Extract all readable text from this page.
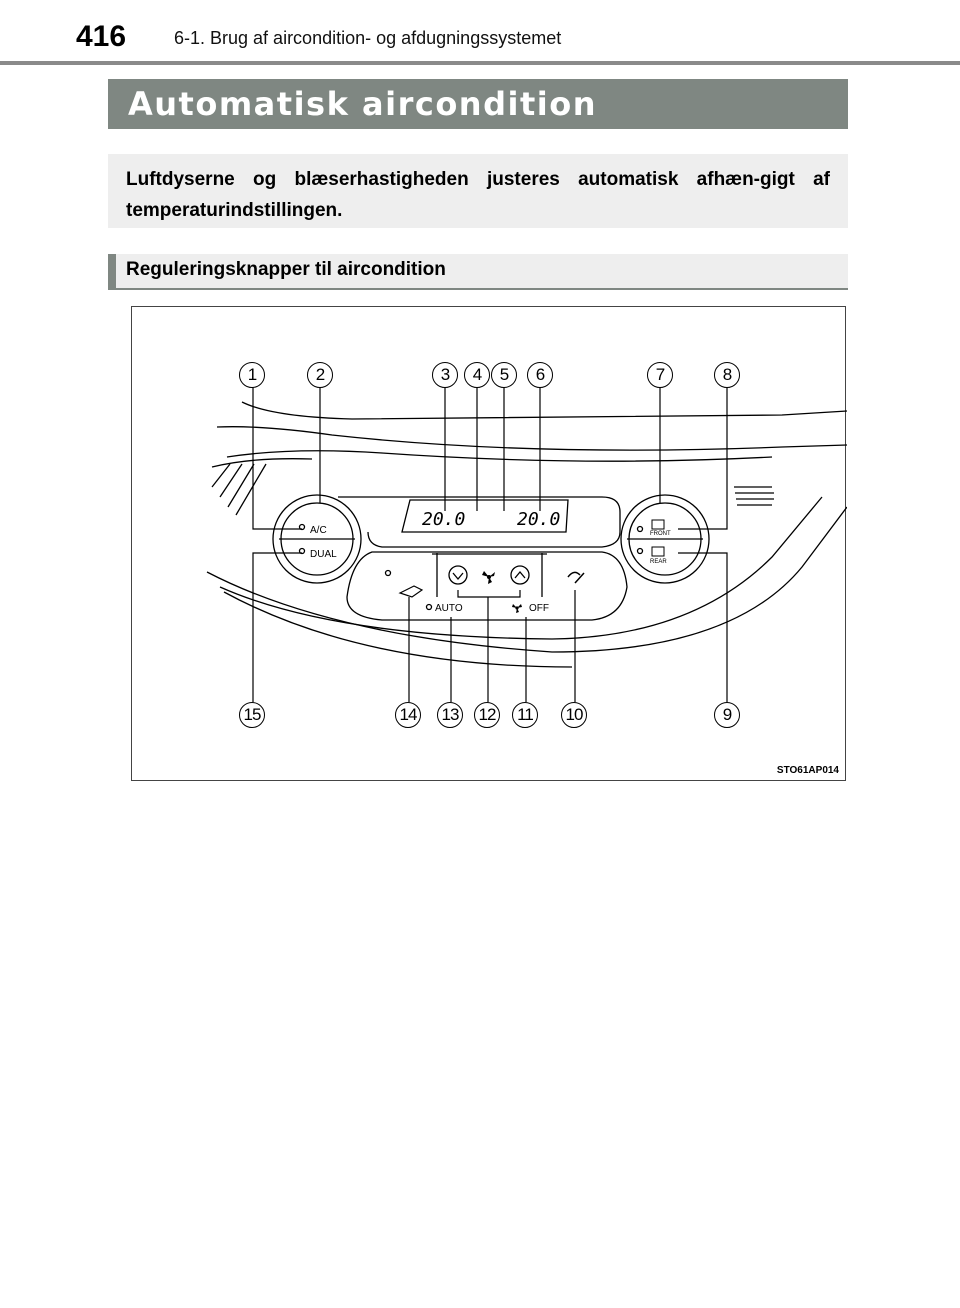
416	6-1. Brug af aircondition- og afdugningssystemet
Automatisk aircondition

Luftdyserne og blæserhastigheden justeres automatisk afhæn-gigt af temperaturindstillingen.

Reguleringsknapper til aircondition
A/C
DUAL
20.0	20.0
AUTO	OFF
FRONT
REAR
1	2	3	4	5	6	7	8
15	14 13 12	11	10	9
STO61AP014
